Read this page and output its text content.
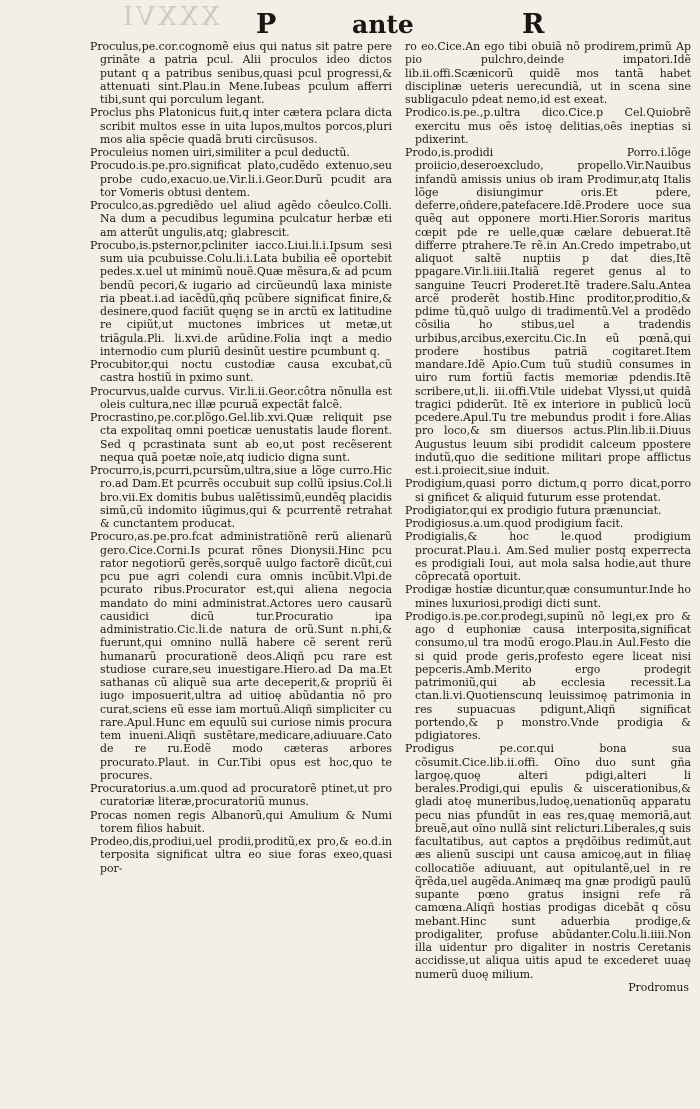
XXXVI P	ante	R

Proculus,pe.cor.cognomẽ eius qui natus sit patre pere grinãte a patria pcul. Alii proculos ideo dictos putant q a patribus senibus,quasi pcul progressi,& attenuati sint.Plau.in Mene.Iubeas pculum afferri tibi,sunt qui porculum legant.

Proclus phs Platonicus fuit,q inter cætera pclara dicta scribit multos esse in uita lupos,multos porcos,pluri mos alia spēcie quadã bruti circũsusos.

Proculeius nomen uiri,similiter a pcul deductũ.

Procudo.is.pe.pro.significat plato,cudẽdo extenuo,seu probe cudo,exacuo.ue.Vir.li.i.Geor.Durũ pcudit ara tor Vomeris obtusi dentem.

Proculco,as.pgrediẽdo uel aliud agẽdo côeulco.Colli. Na dum a pecudibus legumina pculcatur herbæ eti am atterũt ungulis,atq; glabrescit.

Procubo,is.psternor,pcliniter iacco.Liui.li.i.Ipsum sesi sum uia pcubuisse.Colu.li.i.Lata bubilia eẽ oportebit pedes.x.uel ut minimũ nouẽ.Quæ mẽsura,& ad pcum bendũ pecori,& iugario ad circũeundũ laxa ministe ria pbeat.i.ad iacẽdũ,qñq pcũbere significat finire,& desinere,quod faciũt quęng se in arctũ ex latitudine re cipiũt,ut muctones imbrices ut metæ,ut triãgula.Pli. li.xvi.de arũdine.Folia inqt a medio internodio cum pluriũ desinũt uestire pcumbunt q.

Procubitor,qui noctu custodiæ causa excubat,cũ castra hostiũ in pximo sunt.

Procurvus,ualde curvus. Vir.li.ii.Geor.côtra nõnulla est oleis cultura,nec illæ pcuruã expectãt falcẽ.

Procrastino,pe.cor.plõgo.Gel.lib.xvi.Quæ reliquit pse cta expolitaq omni poeticæ uenustatis laude florent. Sed q pcrastinata sunt ab eo,ut post recẽserent nequa quã poetæ noĩe,atq iudicio digna sunt.

Procurro,is,pcurri,pcursũm,ultra,siue a lõge curro.Hic ro.ad Dam.Et pcurrẽs occubuit sup collũ ipsius.Col.li bro.vii.Ex domitis bubus ualẽtissimũ,eundẽq placidis simũ,cũ indomito iũgimus,qui & pcurrentẽ retrahat & cunctantem producat.

Procuro,as.pe.pro.fcat administratiõnẽ rerũ alienarũ gero.Cice.Corni.Is pcurat rõnes Dionysii.Hinc pcu rator negotiorũ gerẽs,sorquẽ uulgo factorẽ dicũt,cui pcu pue agri colendi cura omnis incũbit.Vlpi.de pcurato ribus.Procurator est,qui aliena negocia mandato do mini administrat.Actores uero causarũ causidici dicũ tur.Procuratio ipa administratio.Cic.li.de natura de orũ.Sunt n.phi,& fuerunt,qui omnino nullã habere cẽ serent rerũ humanarũ procurationẽ deos.Aliqñ pcu rare est studiose curare,seu inuestigare.Hiero.ad Da ma.Et sathanas cũ aliquẽ sua arte deceperit,& propriũ ẽi iugo imposuerit,ultra ad uitioę abũdantia nõ pro curat,sciens eũ esse iam mortuũ.Aliqñ simpliciter cu rare.Apul.Hunc em equulũ sui curiose nimis procura tem inueni.Aliqñ sustẽtare,medicare,adiuuare.Cato de re ru.Eodẽ modo cæteras arbores procurato.Plaut. in Cur.Tibi opus est hoc,quo te procures.

Procuratorius.a.um.quod ad procuratorẽ ptinet,ut pro curatoriæ literæ,procuratoriũ munus.

Procas nomen regis Albanorũ,qui Amulium & Numi torem filios habuit.

Prodeo,dis,prodiui,uel prodii,proditũ,ex pro,& eo.d.in terposita significat ultra eo siue foras exeo,quasi por-

ro eo.Cice.An ego tibi obuiã nõ prodirem,primũ Ap pio pulchro,deinde impatori.Idẽ lib.ii.offi.Scænicorũ quidẽ mos tantã habet disciplinæ ueteris uerecundiã, ut in scena sine subligaculo pdeat nemo,id est exeat.

Prodico.is.pe.,p.ultra dico.Cice.p Cel.Quiobrẽ exercitu mus oẽs istoę delitias,oẽs ineptias si pdixerint.

Prodo,is.prodidi Porro.i.lõge proiicio,deseroexcludo, propello.Vir.Nauibus infandũ amissis unius ob iram Prodimur,atq Italis lõge disiungimur oris.Et pdere, deferre,oñdere,patefacere.Idẽ.Prodere uoce sua quẽq aut opponere morti.Hier.Sororis maritus cœpit pde re uelle,quæ cælare debuerat.Itẽ differre ptrahere.Te rẽ.in An.Credo impetrabo,ut aliquot saltẽ nuptiis p dat dies,Itẽ ppagare.Vir.li.iiii.Italiã regeret genus al to sanguine Teucri Proderet.Itẽ tradere.Salu.Antea arcẽ proderẽt hostib.Hinc proditor,proditio,& pdime tũ,quõ uulgo di tradimentũ.Vel a prodẽdo cõsilia ho stibus,uel a tradendis urbibus,arcibus,exercitu.Cic.In eũ pœnã,qui prodere hostibus patriã cogitaret.Item mandare.Idẽ Apio.Cum tuũ studiũ consumes in uiro rum fortiũ factis memoriæ pdendis.Itẽ scribere,ut,li. iii.offi.Vtile uidebat Vlyssi,ut quidã tragici pdiderũt. Itẽ ex interiore in publicũ locũ pcedere.Apul.Tu tre mebundus prodit i fore.Alias pro loco,& sm diuersos actus.Plin.lib.ii.Diuus Augustus leuum sibi prodidit calceum ppostere indutũ,quo die seditione militari prope afflictus est.i.proiecit,siue induit.

Prodigium,quasi porro dictum,q porro dicat,porro si gnificet & aliquid futurum esse protendat.

Prodigiator,qui ex prodigio futura prænunciat.

Prodigiosus.a.um.quod prodigium facit.

Prodigialis,& hoc le.quod prodigium procurat.Plau.i. Am.Sed mulier postq experrecta es prodigiali Ioui, aut mola salsa hodie,aut thure cõprecatã oportuit.

Prodigæ hostiæ dicuntur,quæ consumuntur.Inde ho mines luxuriosi,prodigi dicti sunt.

Prodigo.is.pe.cor.prodegi,supinũ nõ legi,ex pro & ago d euphoniæ causa interposita,significat consumo,ul tra modũ erogo.Plau.in Aul.Festo die si quid prode geris,profesto egere liceat nisi pepceris.Amb.Merito ergo prodegit patrimoniũ,qui ab ecclesia recessit.La ctan.li.vi.Quotienscunq leuissimoę patrimonia in res supuacuas pdigunt,Aliqñ significat portendo,& p monstro.Vnde prodigia & pdigiatores.

Prodigus pe.cor.qui bona sua cõsumit.Cice.lib.ii.offi. Oĩno duo sunt gña largoę,quoę alteri pdigi,alteri li berales.Prodigi,qui epulis & uiscerationibus,& gladi atoę muneribus,ludoę,uenationũq apparatu pecu nias pfundũt in eas res,quaę memoriã,aut breuẽ,aut oĩno nullã sint relicturi.Liberales,q suis facultatibus, aut captos a prędõibus redimũt,aut æs alienũ suscipi unt causa amicoę,aut in filiaę collocatiõe adiuuant, aut opitulantẽ,uel in re q̃rẽda,uel augẽda.Animæq ma gnæ prodigũ paulũ supante pœno gratus insigni refe rã camœna.Aliqñ hostias prodigas dicebãt q cõsu mebant.Hinc sunt aduerbia prodige,& prodigaliter, profuse abũdanter.Colu.li.iiii.Non illa uidentur pro digaliter in nostris Ceretanis accidisse,ut aliqua uitis apud te excederet uuaę numerũ duoę milium.

Prodromus
